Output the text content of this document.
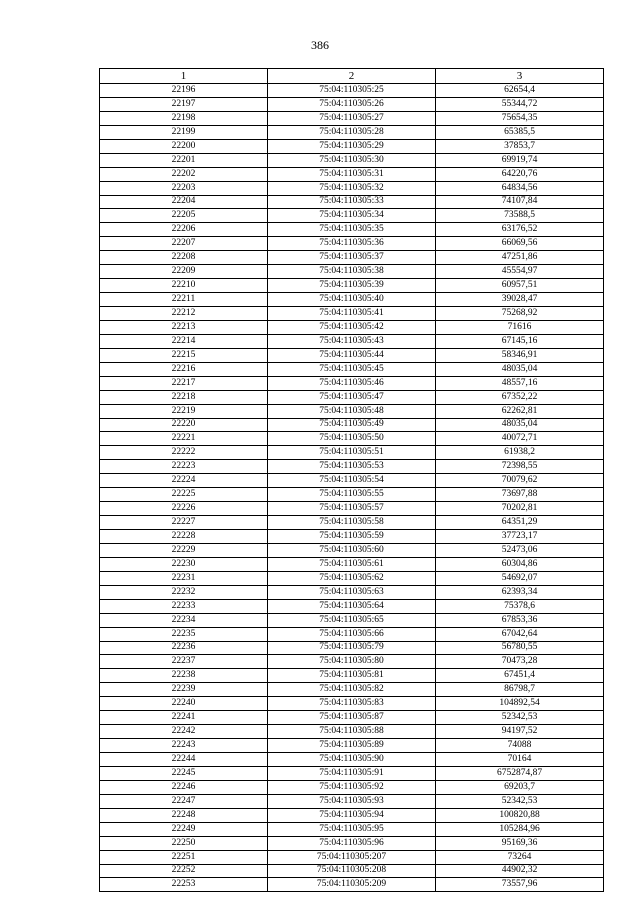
386
1	2	3
22196	75:04:110305:25	62654,4
22197	75:04:110305:26	55344,72
22198	75:04:110305:27	75654,35
22199	75:04:110305:28	65385,5
22200	75:04:110305:29	37853,7
22201	75:04:110305:30	69919,74
22202	75:04:110305:31	64220,76
22203	75:04:110305:32	64834,56
22204	75:04:110305:33	74107,84
22205	75:04:110305:34	73588,5
22206	75:04:110305:35	63176,52
22207	75:04:110305:36	66069,56
22208	75:04:110305:37	47251,86
22209	75:04:110305:38	45554,97
22210	75:04:110305:39	60957,51
22211	75:04:110305:40	39028,47
22212	75:04:110305:41	75268,92
22213	75:04:110305:42	71616
22214	75:04:110305:43	67145,16
22215	75:04:110305:44	58346,91
22216	75:04:110305:45	48035,04
22217	75:04:110305:46	48557,16
22218	75:04:110305:47	67352,22
22219	75:04:110305:48	62262,81
22220	75:04:110305:49	48035,04
22221	75:04:110305:50	40072,71
22222	75:04:110305:51	61938,2
22223	75:04:110305:53	72398,55
22224	75:04:110305:54	70079,62
22225	75:04:110305:55	73697,88
22226	75:04:110305:57	70202,81
22227	75:04:110305:58	64351,29
22228	75:04:110305:59	37723,17
22229	75:04:110305:60	52473,06
22230	75:04:110305:61	60304,86
22231	75:04:110305:62	54692,07
22232	75:04:110305:63	62393,34
22233	75:04:110305:64	75378,6
22234	75:04:110305:65	67853,36
22235	75:04:110305:66	67042,64
22236	75:04:110305:79	56780,55
22237	75:04:110305:80	70473,28
22238	75:04:110305:81	67451,4
22239	75:04:110305:82	86798,7
22240	75:04:110305:83	104892,54
22241	75:04:110305:87	52342,53
22242	75:04:110305:88	94197,52
22243	75:04:110305:89	74088
22244	75:04:110305:90	70164
22245	75:04:110305:91	6752874,87
22246	75:04:110305:92	69203,7
22247	75:04:110305:93	52342,53
22248	75:04:110305:94	100820,88
22249	75:04:110305:95	105284,96
22250	75:04:110305:96	95169,36
22251	75:04:110305:207	73264
22252	75:04:110305:208	44902,32
22253	75:04:110305:209	73557,96
